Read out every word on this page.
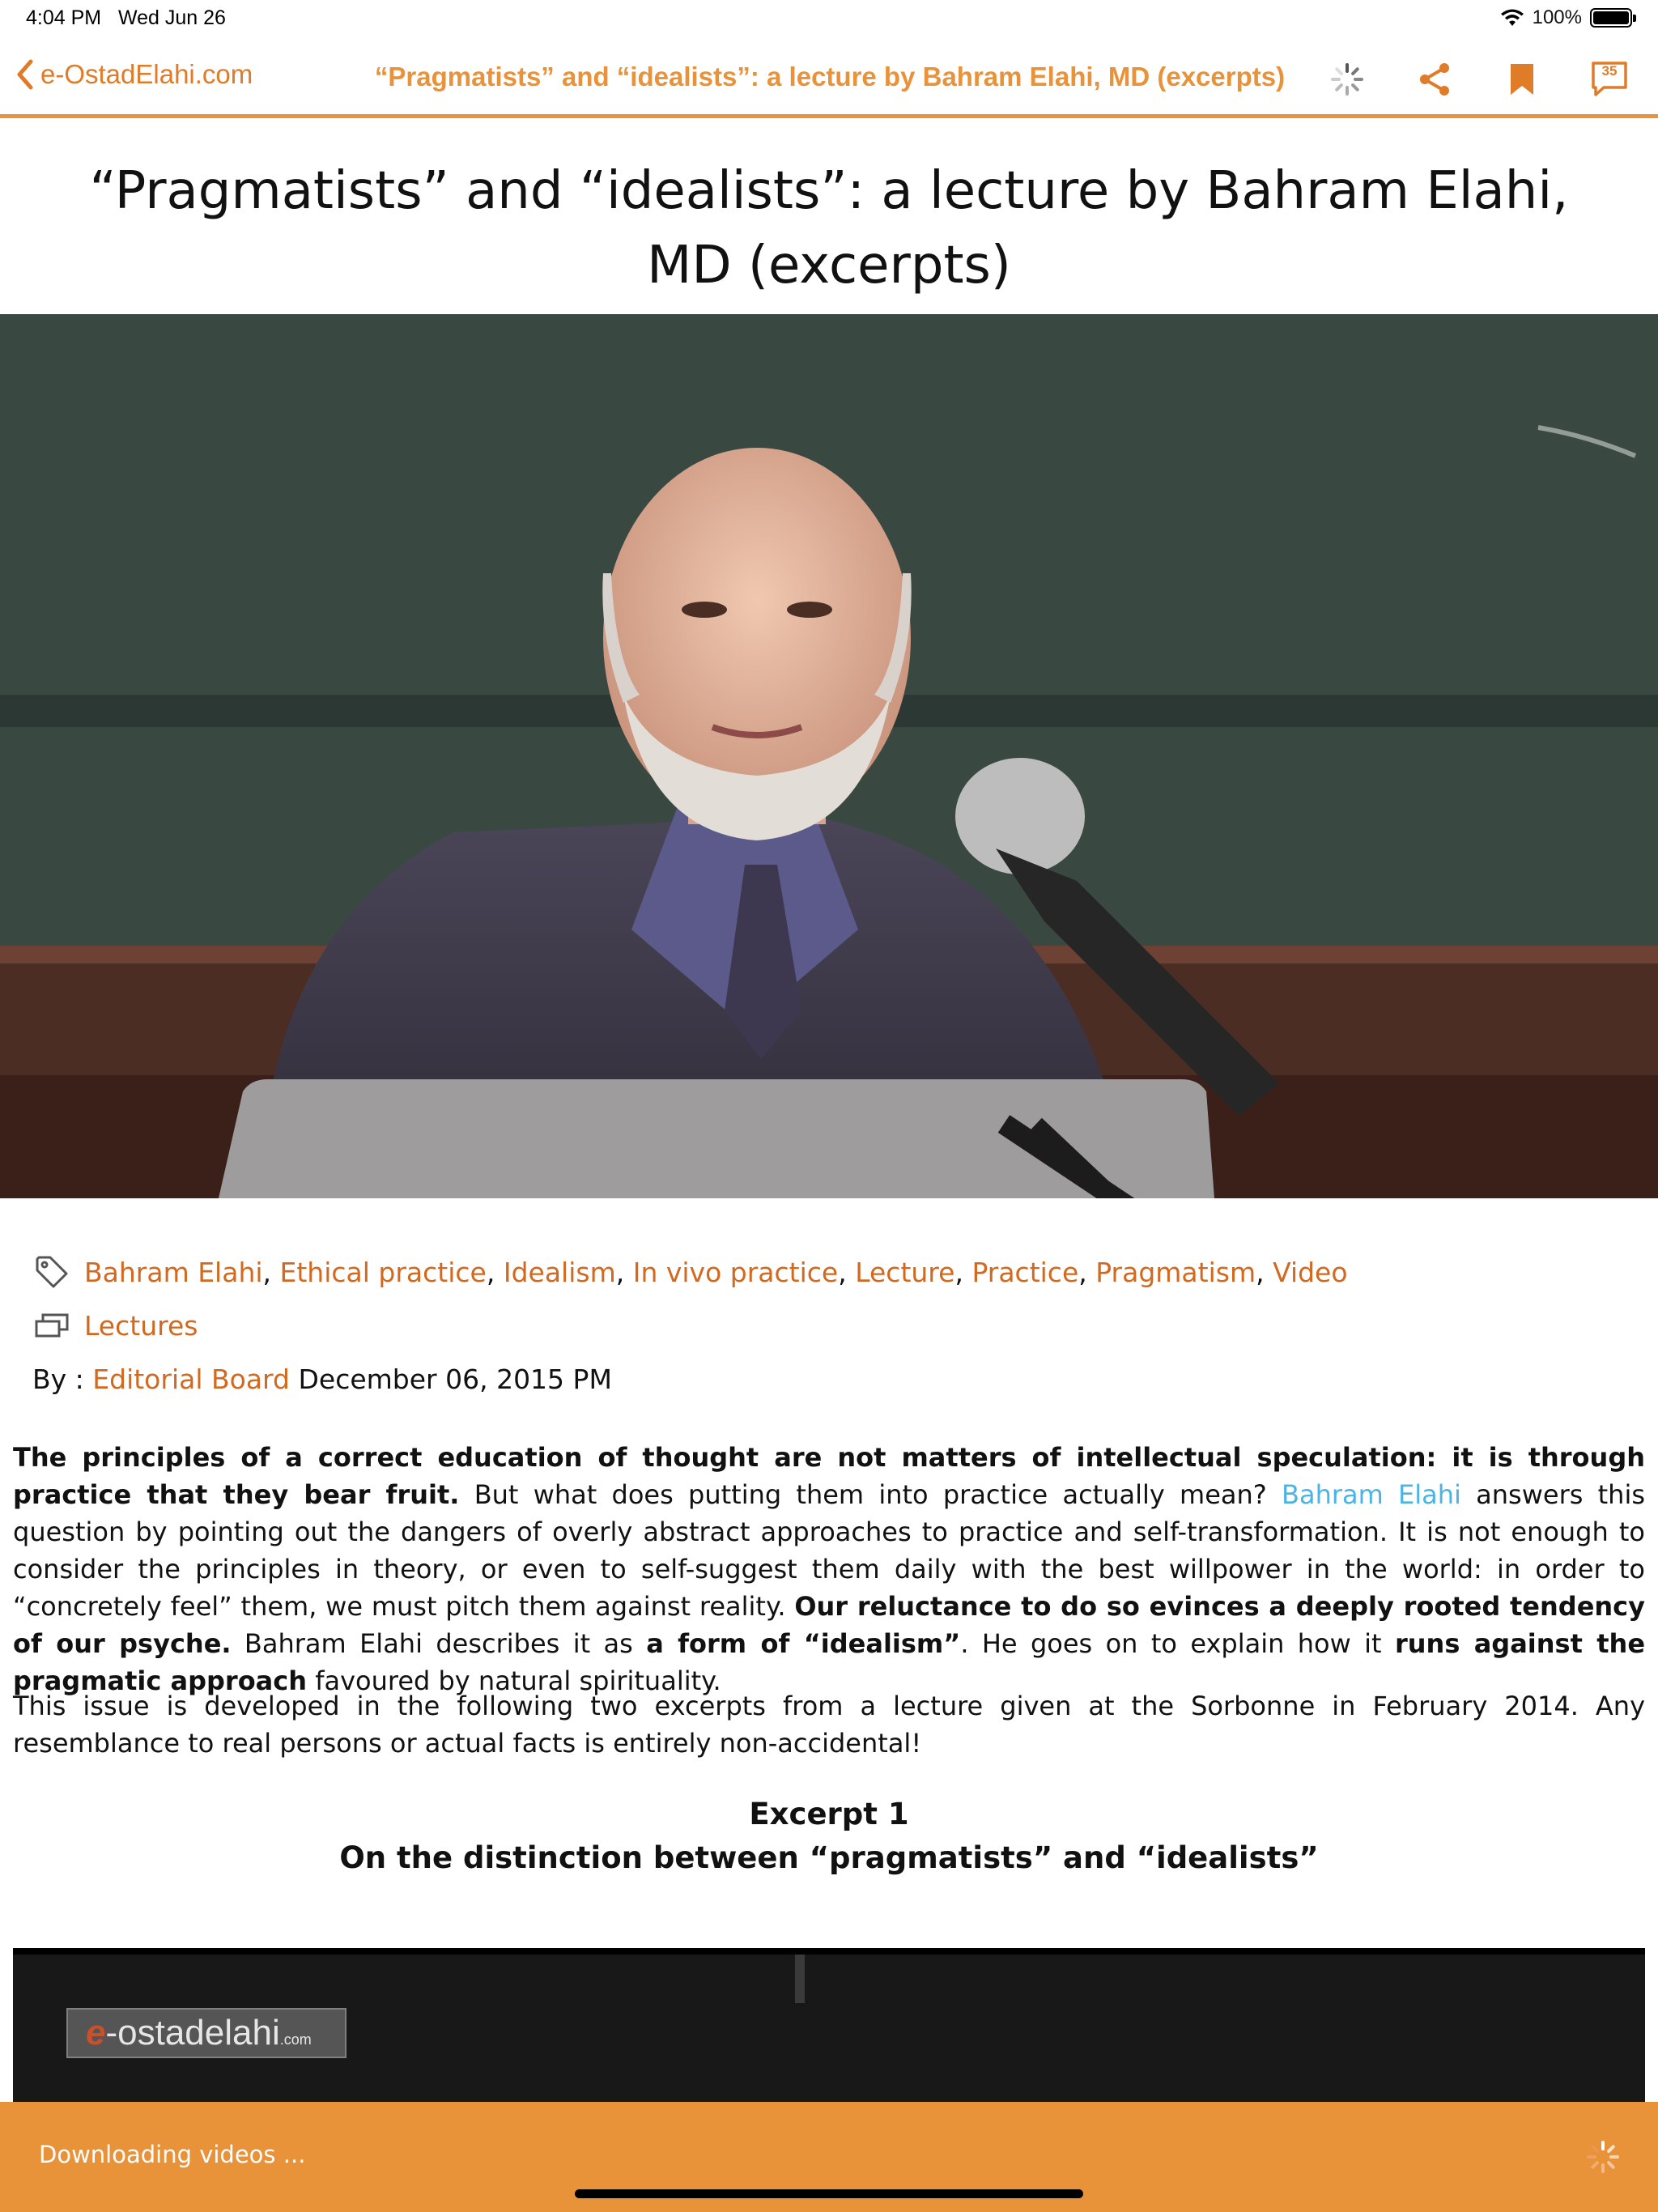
4:04 PM Wed Jun 26	100%
e-OstadElahi.com	“Pragmatists” and “idealists”: a lecture by Bahram Elahi, MD (excerpts)	35
“Pragmatists” and “idealists”: a lecture by Bahram Elahi, MD (excerpts)
Bahram Elahi, Ethical practice, Idealism, In vivo practice, Lecture, Practice, Pragmatism, Video
Lectures
By : Editorial Board
December 06, 2015 PM

The principles of a correct education of thought are not matters of intellectual speculation: it is through practice that they bear fruit. But what does putting them into practice actually mean? Bahram Elahi answers this question by pointing out the dangers of overly abstract approaches to practice and self-transformation. It is not enough to consider the principles in theory, or even to self-suggest them daily with the best willpower in the world: in order to “concretely feel” them, we must pitch them against reality. Our reluctance to do so evinces a deeply rooted tendency of our psyche. Bahram Elahi describes it as a form of “idealism”. He goes on to explain how it runs against the pragmatic approach favoured by natural spirituality.

This issue is developed in the following two excerpts from a lecture given at the Sorbonne in February 2014. Any resemblance to real persons or actual facts is entirely non-accidental!

Excerpt 1
On the distinction between “pragmatists” and “idealists”
e-ostadelahi.com
Downloading videos ...
